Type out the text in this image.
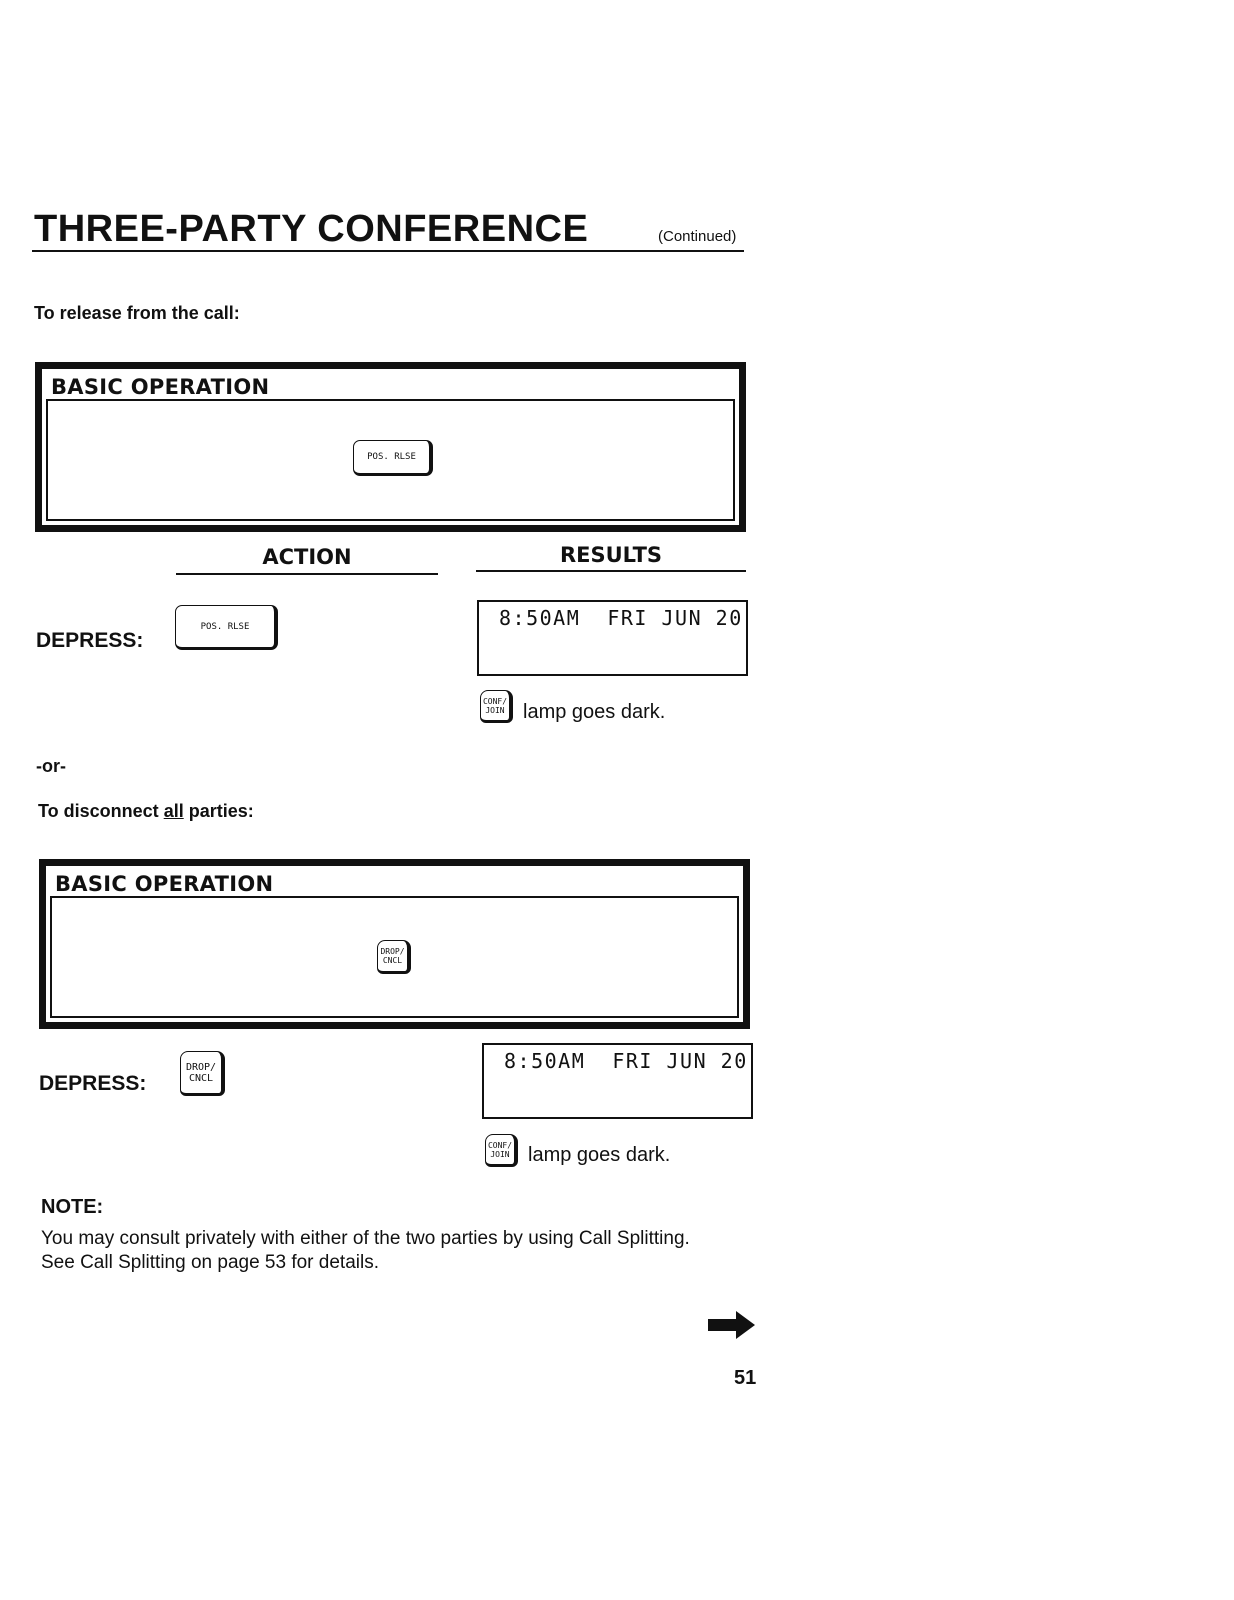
THREE-PARTY CONFERENCE	(Continued)
To release from the call:
BASIC OPERATION
POS. RLSE
ACTION	RESULTS
DEPRESS:
POS. RLSE	8:50AM  FRI JUN 20
CONF/
JOIN lamp goes dark.
-or-
To disconnect all parties:
BASIC OPERATION
DROP/
CNCL
DEPRESS:
DROP/
CNCL
8:50AM  FRI JUN 20
CONF/
JOIN lamp goes dark.
NOTE:
You may consult privately with either of the two parties by using Call Splitting.
See Call Splitting on page 53 for details.
51
